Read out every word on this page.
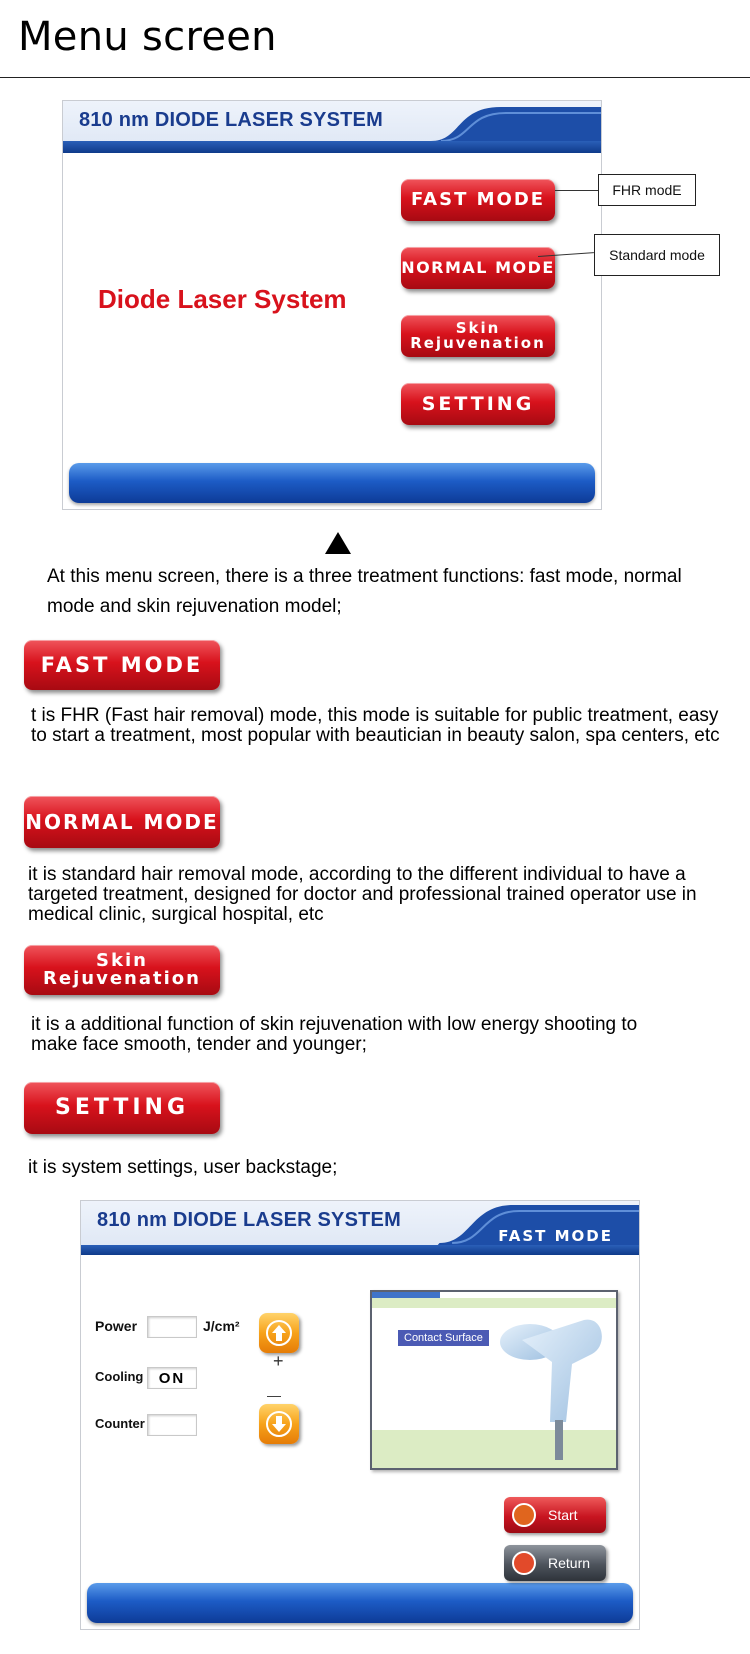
Menu screen
810 nm DIODE LASER SYSTEM
Diode Laser System
FAST MODE
NORMAL MODE
Skin
Rejuvenation
SETTING
FHR modE
Standard mode
At this menu screen, there is a three treatment functions: fast mode, normal mode and skin rejuvenation model;
FAST MODE
t is FHR (Fast hair removal) mode, this mode is suitable for public treatment, easy to start a treatment, most popular with beautician in beauty salon, spa centers, etc
NORMAL MODE
it is standard hair removal mode, according to the different individual to have a targeted treatment, designed for doctor and professional trained operator use in medical clinic, surgical hospital, etc
Skin
Rejuvenation
it is a additional function of skin rejuvenation with low energy shooting to make face smooth, tender and younger;
SETTING
it is system settings, user backstage;
810 nm DIODE LASER SYSTEM
FAST MODE
Power	J/cm²
Cooling	ON
Counter
+
—
Contact Surface
Start
Return
